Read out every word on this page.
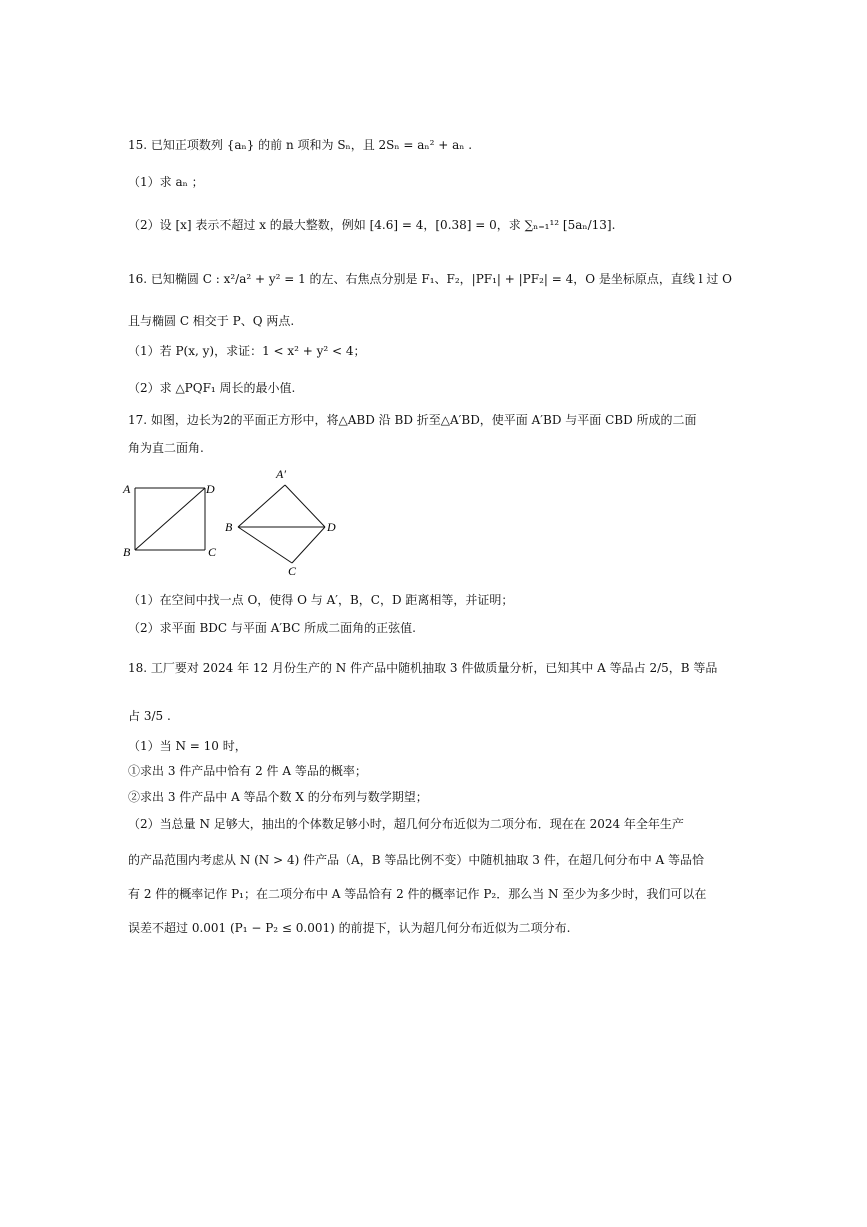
15. 已知正项数列 {aₙ} 的前 n 项和为 Sₙ，且 2Sₙ = aₙ² + aₙ .
（1）求 aₙ ；
（2）设 [x] 表示不超过 x 的最大整数，例如 [4.6] = 4，[0.38] = 0，求 ∑ₙ₌₁¹² [5aₙ/13].
16. 已知椭圆 C : x²/a² + y² = 1 的左、右焦点分别是 F₁、F₂，|PF₁| + |PF₂| = 4，O 是坐标原点，直线 l 过 O
且与椭圆 C 相交于 P、Q 两点.
（1）若 P(x, y)，求证：1 < x² + y² < 4；
（2）求 △PQF₁ 周长的最小值.
17. 如图，边长为2的平面正方形中，将△ABD 沿 BD 折至△A′BD，使平面 A′BD 与平面 CBD 所成的二面
角为直二面角.
A	D
B	C
A′
B	D
C
（1）在空间中找一点 O，使得 O 与 A′，B，C，D 距离相等，并证明；
（2）求平面 BDC 与平面 A′BC 所成二面角的正弦值.
18. 工厂要对 2024 年 12 月份生产的 N 件产品中随机抽取 3 件做质量分析，已知其中 A 等品占 2/5，B 等品
占 3/5 .
（1）当 N = 10 时，
①求出 3 件产品中恰有 2 件 A 等品的概率；
②求出 3 件产品中 A 等品个数 X 的分布列与数学期望；
（2）当总量 N 足够大，抽出的个体数足够小时，超几何分布近似为二项分布．现在在 2024 年全年生产
的产品范围内考虑从 N (N > 4) 件产品（A，B 等品比例不变）中随机抽取 3 件，在超几何分布中 A 等品恰
有 2 件的概率记作 P₁；在二项分布中 A 等品恰有 2 件的概率记作 P₂．那么当 N 至少为多少时，我们可以在
误差不超过 0.001 (P₁ − P₂ ≤ 0.001) 的前提下，认为超几何分布近似为二项分布.
